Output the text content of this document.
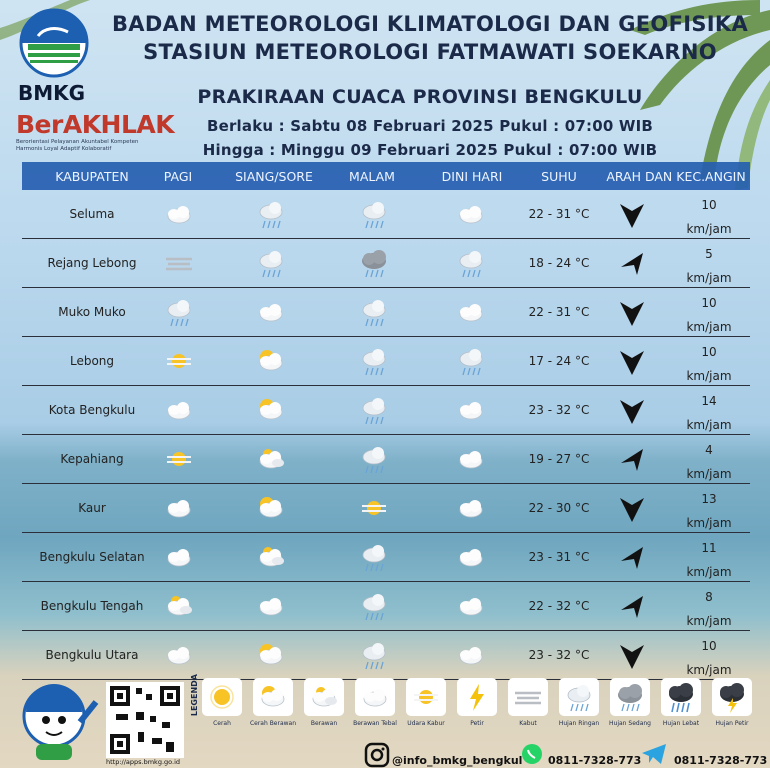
BMKG
BerAKHLAK
Berorientasi Pelayanan Akuntabel Kompeten
Harmonis Loyal Adaptif Kolaboratif
BADAN METEOROLOGI KLIMATOLOGI DAN GEOFISIKA
STASIUN METEOROLOGI FATMAWATI SOEKARNO
PRAKIRAAN CUACA PROVINSI BENGKULU
Berlaku : Sabtu 08 Februari 2025 Pukul : 07:00 WIB
Hingga : Minggu 09 Februari 2025 Pukul : 07:00 WIB
KABUPATEN	PAGI	SIANG/SORE	MALAM	DINI HARI	SUHU	ARAH DAN KEC.ANGIN
Seluma	22 - 31 °C
10
km/jam
Rejang Lebong	18 - 24 °C
5
km/jam
Muko Muko	22 - 31 °C
10
km/jam
Lebong	17 - 24 °C
10
km/jam
Kota Bengkulu	23 - 32 °C
14
km/jam
Kepahiang	19 - 27 °C
4
km/jam
Kaur	22 - 30 °C
13
km/jam
Bengkulu Selatan	23 - 31 °C
11
km/jam
Bengkulu Tengah	22 - 32 °C
8
km/jam
Bengkulu Utara	23 - 32 °C
10
km/jam
LEGENDA
Cerah	Cerah Berawan	Berawan	Berawan Tebal	Udara Kabur	Petir	Kabut	Hujan Ringan	Hujan Sedang	Hujan Lebat	Hujan Petir
http://apps.bmkg.go.id	@info_bmkg_bengkul 0811-7328-773	0811-7328-773
